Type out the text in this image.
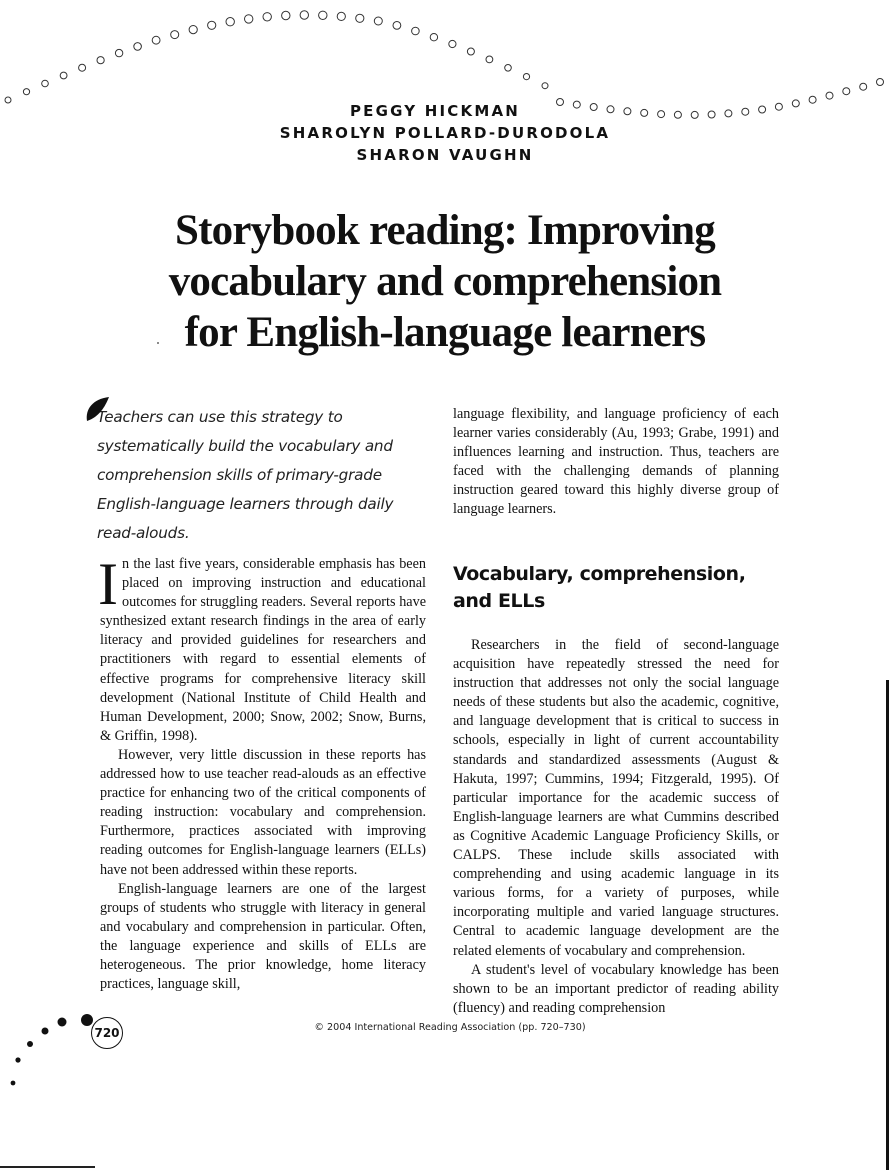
PEGGY HICKMAN
SHAROLYN POLLARD-DURODOLA
SHARON VAUGHN
Storybook reading: Improving
vocabulary and comprehension
for English-language learners
Teachers can use this strategy to
systematically build the vocabulary and
comprehension skills of primary-grade
English-language learners through daily
read-alouds.

In the last five years, considerable emphasis has been placed on improving instruction and educational outcomes for struggling readers. Several reports have synthesized extant research findings in the area of early literacy and provided guidelines for researchers and practitioners with regard to essential elements of effective programs for comprehensive literacy skill development (National Institute of Child Health and Human Development, 2000; Snow, 2002; Snow, Burns, & Griffin, 1998).

However, very little discussion in these reports has addressed how to use teacher read-alouds as an effective practice for enhancing two of the critical components of reading instruction: vocabulary and comprehension. Furthermore, practices associated with improving reading outcomes for English-language learners (ELLs) have not been addressed within these reports.

English-language learners are one of the largest groups of students who struggle with literacy in general and vocabulary and comprehension in particular. Often, the language experience and skills of ELLs are heterogeneous. The prior knowledge, home literacy practices, language skill,

language flexibility, and language proficiency of each learner varies considerably (Au, 1993; Grabe, 1991) and influences learning and instruction. Thus, teachers are faced with the challenging demands of planning instruction geared toward this highly diverse group of language learners.

Vocabulary, comprehension,
and ELLs

Researchers in the field of second-language acquisition have repeatedly stressed the need for instruction that addresses not only the social language needs of these students but also the academic, cognitive, and language development that is critical to success in schools, especially in light of current accountability standards and standardized assessments (August & Hakuta, 1997; Cummins, 1994; Fitzgerald, 1995). Of particular importance for the academic success of English-language learners are what Cummins described as Cognitive Academic Language Proficiency Skills, or CALPS. These include skills associated with comprehending and using academic language in its various forms, for a variety of purposes, while incorporating multiple and varied language structures. Central to academic language development are the related elements of vocabulary and comprehension.

A student's level of vocabulary knowledge has been shown to be an important predictor of reading ability (fluency) and reading comprehension

720	© 2004 International Reading Association (pp. 720–730)
